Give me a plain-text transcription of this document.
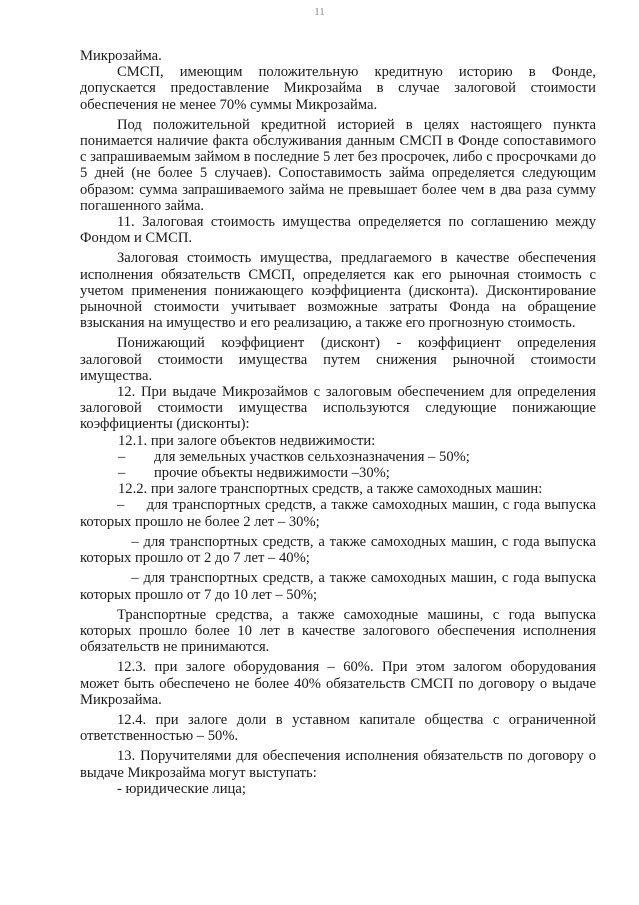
11

Микрозайма.

СМСП, имеющим положительную кредитную историю в Фонде, допускается предоставление Микрозайма в случае залоговой стоимости обеспечения не менее 70% суммы Микрозайма.

Под положительной кредитной историей в целях настоящего пункта понимается наличие факта обслуживания данным СМСП в Фонде сопоставимого с запрашиваемым займом в последние 5 лет без просрочек, либо с просрочками до 5 дней (не более 5 случаев). Сопоставимость займа определяется следующим образом: сумма запрашиваемого займа не превышает более чем в два раза сумму погашенного займа.

11. Залоговая стоимость имущества определяется по соглашению между Фондом и СМСП.

Залоговая стоимость имущества, предлагаемого в качестве обеспечения исполнения обязательств СМСП, определяется как его рыночная стоимость с учетом применения понижающего коэффициента (дисконта). Дисконтирование рыночной стоимости учитывает возможные затраты Фонда на обращение взыскания на имущество и его реализацию, а также его прогнозную стоимость.

Понижающий коэффициент (дисконт) - коэффициент определения залоговой стоимости имущества путем снижения рыночной стоимости имущества.

12. При выдаче Микрозаймов с залоговым обеспечением для определения залоговой стоимости имущества используются следующие понижающие коэффициенты (дисконты):

12.1. при залоге объектов недвижимости:

–	для земельных участков сельхозназначения – 50%;
–	прочие объекты недвижимости –30%;

12.2. при залоге транспортных средств, а также самоходных машин:

– для транспортных средств, а также самоходных машин, с года выпуска которых прошло не более 2 лет – 30%;

– для транспортных средств, а также самоходных машин, с года выпуска которых прошло от 2 до 7 лет – 40%;

– для транспортных средств, а также самоходных машин, с года выпуска которых прошло от 7 до 10 лет – 50%;

Транспортные средства, а также самоходные машины, с года выпуска которых прошло более 10 лет в качестве залогового обеспечения исполнения обязательств не принимаются.

12.3. при залоге оборудования – 60%. При этом залогом оборудования может быть обеспечено не более 40% обязательств СМСП по договору о выдаче Микрозайма.

12.4. при залоге доли в уставном капитале общества с ограниченной ответственностью – 50%.

13. Поручителями для обеспечения исполнения обязательств по договору о выдаче Микрозайма могут выступать:

- юридические лица;
